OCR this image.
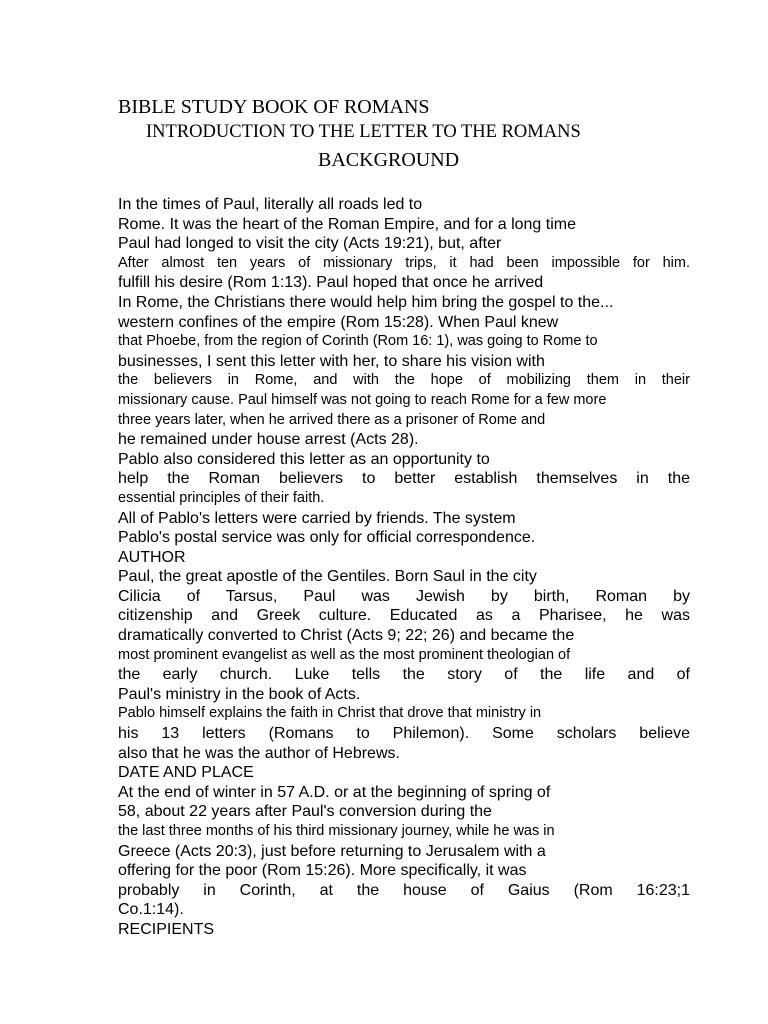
BIBLE STUDY BOOK OF ROMANS
INTRODUCTION TO THE LETTER TO THE ROMANS
BACKGROUND
In the times of Paul, literally all roads led to
Rome. It was the heart of the Roman Empire, and for a long time
Paul had longed to visit the city (Acts 19:21), but, after
After almost ten years of missionary trips, it had been impossible for him.
fulfill his desire (Rom 1:13). Paul hoped that once he arrived
In Rome, the Christians there would help him bring the gospel to the...
western confines of the empire (Rom 15:28). When Paul knew
that Phoebe, from the region of Corinth (Rom 16: 1), was going to Rome to
businesses, I sent this letter with her, to share his vision with
the believers in Rome, and with the hope of mobilizing them in their
missionary cause. Paul himself was not going to reach Rome for a few more
three years later, when he arrived there as a prisoner of Rome and
he remained under house arrest (Acts 28).
Pablo also considered this letter as an opportunity to
help the Roman believers to better establish themselves in the
essential principles of their faith.
All of Pablo's letters were carried by friends. The system
Pablo's postal service was only for official correspondence.
AUTHOR
Paul, the great apostle of the Gentiles. Born Saul in the city
Cilicia of Tarsus, Paul was Jewish by birth, Roman by
citizenship and Greek culture. Educated as a Pharisee, he was
dramatically converted to Christ (Acts 9; 22; 26) and became the
most prominent evangelist as well as the most prominent theologian of
the early church. Luke tells the story of the life and of
Paul's ministry in the book of Acts.
Pablo himself explains the faith in Christ that drove that ministry in
his 13 letters (Romans to Philemon). Some scholars believe
also that he was the author of Hebrews.
DATE AND PLACE
At the end of winter in 57 A.D. or at the beginning of spring of
58, about 22 years after Paul's conversion during the
the last three months of his third missionary journey, while he was in
Greece (Acts 20:3), just before returning to Jerusalem with a
offering for the poor (Rom 15:26). More specifically, it was
probably in Corinth, at the house of Gaius (Rom 16:23;1
Co.1:14).
RECIPIENTS
